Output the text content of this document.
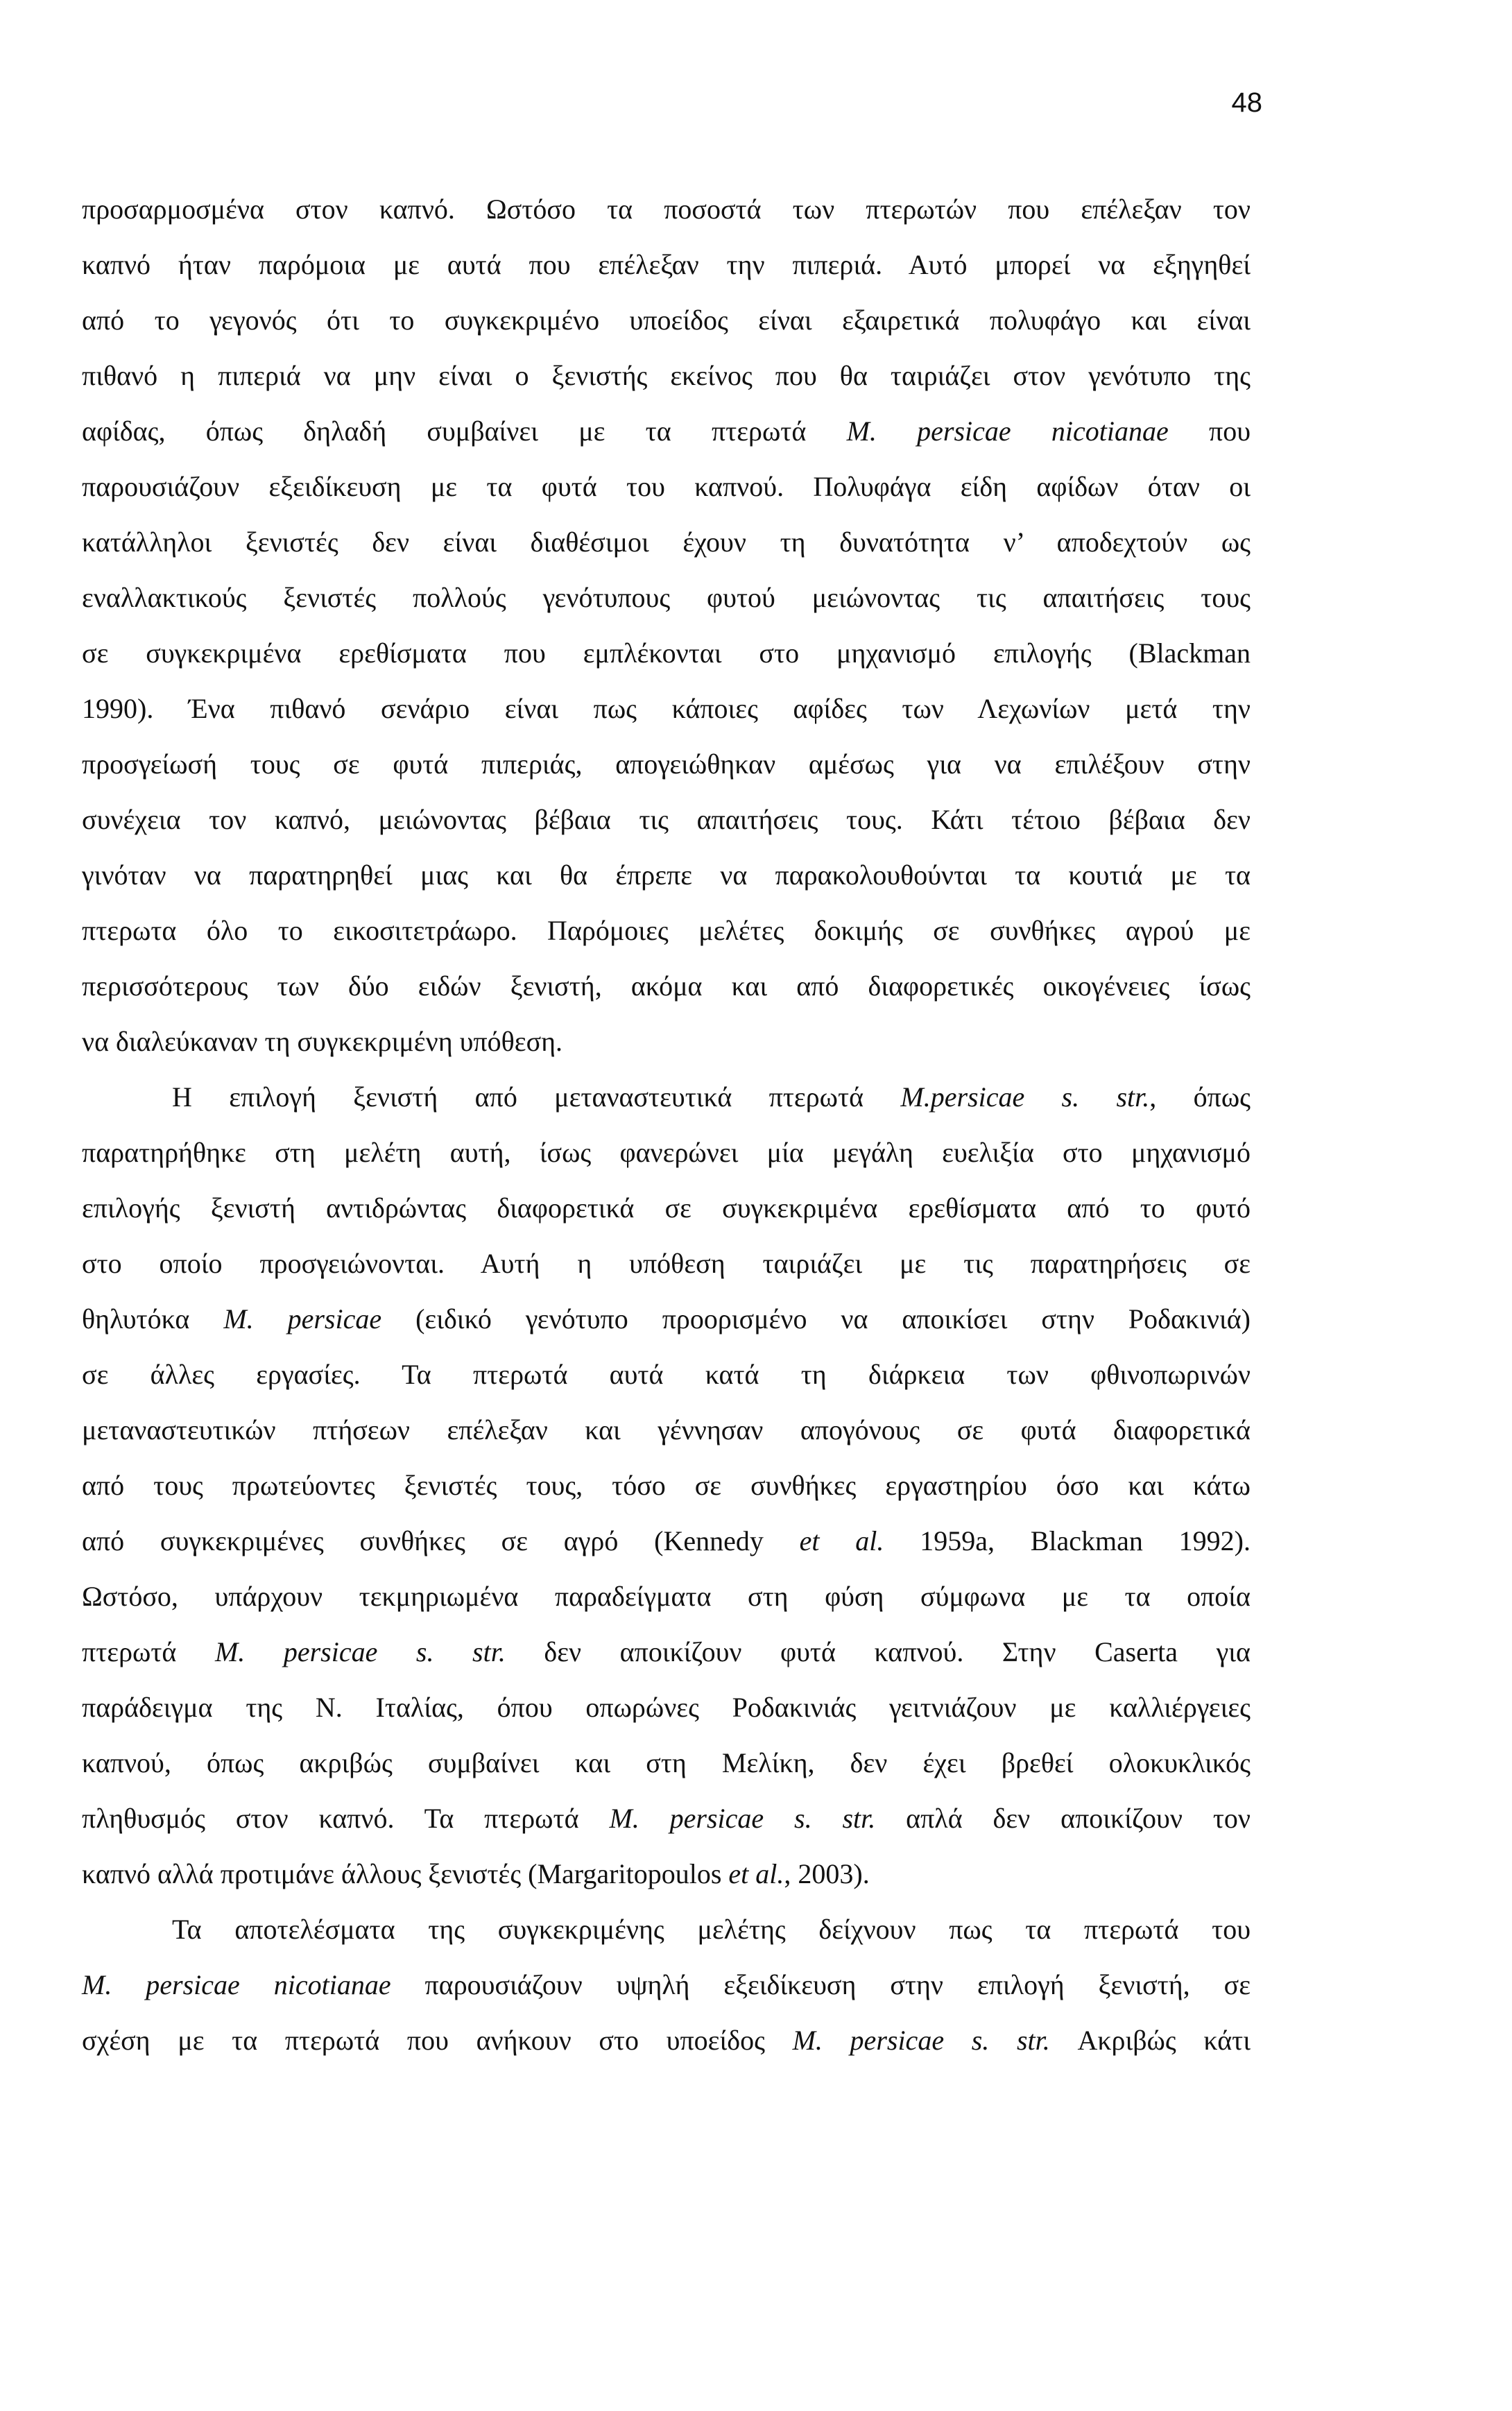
48
προσαρμοσμένα στον καπνό. Ωστόσο τα ποσοστά των πτερωτών που επέλεξαν τον
καπνό ήταν παρόμοια με αυτά που επέλεξαν την πιπεριά. Αυτό μπορεί να εξηγηθεί
από το γεγονός ότι το συγκεκριμένο υποείδος είναι εξαιρετικά πολυφάγο και είναι
πιθανό η πιπεριά να μην είναι ο ξενιστής εκείνος που θα ταιριάζει στον γενότυπο της
αφίδας, όπως δηλαδή συμβαίνει με τα πτερωτά M. persicae nicotianae που
παρουσιάζουν εξειδίκευση με τα φυτά του καπνού. Πολυφάγα είδη αφίδων όταν οι
κατάλληλοι ξενιστές δεν είναι διαθέσιμοι έχουν τη δυνατότητα ν’ αποδεχτούν ως
εναλλακτικούς ξενιστές πολλούς γενότυπους φυτού μειώνοντας τις απαιτήσεις τους
σε συγκεκριμένα ερεθίσματα που εμπλέκονται στο μηχανισμό επιλογής (Blackman
1990). Ένα πιθανό σενάριο είναι πως κάποιες αφίδες των Λεχωνίων μετά την
προσγείωσή τους σε φυτά πιπεριάς, απογειώθηκαν αμέσως για να επιλέξουν στην
συνέχεια τον καπνό, μειώνοντας βέβαια τις απαιτήσεις τους. Κάτι τέτοιο βέβαια δεν
γινόταν να παρατηρηθεί μιας και θα έπρεπε να παρακολουθούνται τα κουτιά με τα
πτερωτα όλο το εικοσιτετράωρο. Παρόμοιες μελέτες δοκιμής σε συνθήκες αγρού με
περισσότερους των δύο ειδών ξενιστή, ακόμα και από διαφορετικές οικογένειες ίσως
να διαλεύκαναν τη συγκεκριμένη υπόθεση.
Η επιλογή ξενιστή από μεταναστευτικά πτερωτά M.persicae s. str., όπως
παρατηρήθηκε στη μελέτη αυτή, ίσως φανερώνει μία μεγάλη ευελιξία στο μηχανισμό
επιλογής ξενιστή αντιδρώντας διαφορετικά σε συγκεκριμένα ερεθίσματα από το φυτό
στο οποίο προσγειώνονται. Αυτή η υπόθεση ταιριάζει με τις παρατηρήσεις σε
θηλυτόκα M. persicae (ειδικό γενότυπο προορισμένο να αποικίσει στην Ροδακινιά)
σε άλλες εργασίες. Τα πτερωτά αυτά κατά τη διάρκεια των φθινοπωρινών
μεταναστευτικών πτήσεων επέλεξαν και γέννησαν απογόνους σε φυτά διαφορετικά
από τους πρωτεύοντες ξενιστές τους, τόσο σε συνθήκες εργαστηρίου όσο και κάτω
από συγκεκριμένες συνθήκες σε αγρό (Kennedy et al. 1959a, Blackman 1992).
Ωστόσο, υπάρχουν τεκμηριωμένα παραδείγματα στη φύση σύμφωνα με τα οποία
πτερωτά M. persicae s. str. δεν αποικίζουν φυτά καπνού. Στην Caserta για
παράδειγμα της Ν. Ιταλίας, όπου οπωρώνες Ροδακινιάς γειτνιάζουν με καλλιέργειες
καπνού, όπως ακριβώς συμβαίνει και στη Μελίκη, δεν έχει βρεθεί ολοκυκλικός
πληθυσμός στον καπνό. Τα πτερωτά M. persicae s. str. απλά δεν αποικίζουν τον
καπνό αλλά προτιμάνε άλλους ξενιστές (Margaritopoulos et al., 2003).
Τα αποτελέσματα της συγκεκριμένης μελέτης δείχνουν πως τα πτερωτά του
M. persicae nicotianae παρουσιάζουν υψηλή εξειδίκευση στην επιλογή ξενιστή, σε
σχέση με τα πτερωτά που ανήκουν στο υποείδος M. persicae s. str. Ακριβώς κάτι
